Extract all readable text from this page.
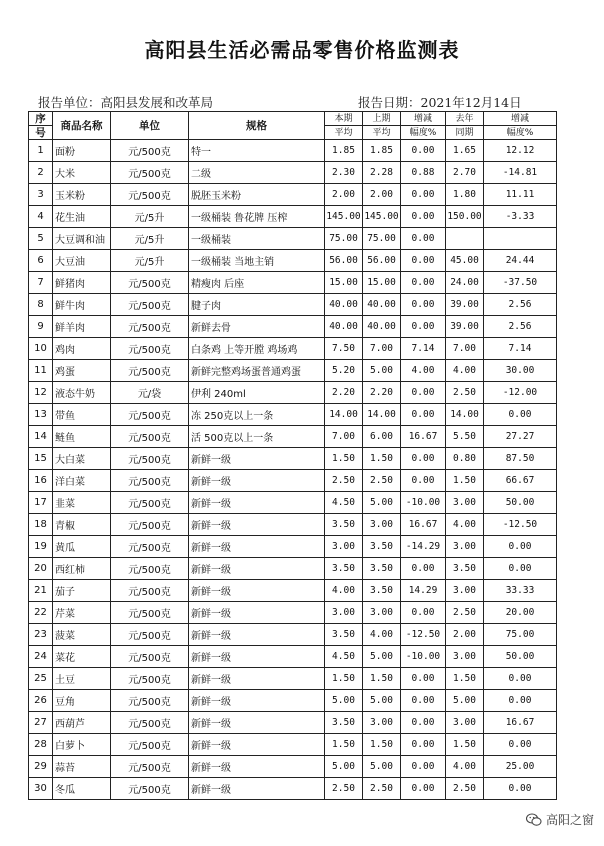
高阳县生活必需品零售价格监测表
报告单位：高阳县发展和改革局	报告日期：2021年12月14日
序	商品名称	单位	规格	本期	上期	增减	去年	增减
号				平均	平均	幅度%	同期	幅度%
1	面粉	元/500克	特一	1.85	1.85	0.00	1.65	12.12
2	大米	元/500克	二级	2.30	2.28	0.88	2.70	-14.81
3	玉米粉	元/500克	脱胚玉米粉	2.00	2.00	0.00	1.80	11.11
4	花生油	元/5升	一级桶装 鲁花牌 压榨	145.00	145.00	0.00	150.00	-3.33
5	大豆调和油	元/5升	一级桶装	75.00	75.00	0.00		
6	大豆油	元/5升	一级桶装 当地主销	56.00	56.00	0.00	45.00	24.44
7	鲜猪肉	元/500克	精瘦肉 后座	15.00	15.00	0.00	24.00	-37.50
8	鲜牛肉	元/500克	腱子肉	40.00	40.00	0.00	39.00	2.56
9	鲜羊肉	元/500克	新鲜去骨	40.00	40.00	0.00	39.00	2.56
10	鸡肉	元/500克	白条鸡 上等开膛 鸡场鸡	7.50	7.00	7.14	7.00	7.14
11	鸡蛋	元/500克	新鲜完整鸡场蛋普通鸡蛋	5.20	5.00	4.00	4.00	30.00
12	液态牛奶	元/袋	伊利 240ml	2.20	2.20	0.00	2.50	-12.00
13	带鱼	元/500克	冻 250克以上一条	14.00	14.00	0.00	14.00	0.00
14	鲢鱼	元/500克	活 500克以上一条	7.00	6.00	16.67	5.50	27.27
15	大白菜	元/500克	新鲜一级	1.50	1.50	0.00	0.80	87.50
16	洋白菜	元/500克	新鲜一级	2.50	2.50	0.00	1.50	66.67
17	韭菜	元/500克	新鲜一级	4.50	5.00	-10.00	3.00	50.00
18	青椒	元/500克	新鲜一级	3.50	3.00	16.67	4.00	-12.50
19	黄瓜	元/500克	新鲜一级	3.00	3.50	-14.29	3.00	0.00
20	西红柿	元/500克	新鲜一级	3.50	3.50	0.00	3.50	0.00
21	茄子	元/500克	新鲜一级	4.00	3.50	14.29	3.00	33.33
22	芹菜	元/500克	新鲜一级	3.00	3.00	0.00	2.50	20.00
23	菠菜	元/500克	新鲜一级	3.50	4.00	-12.50	2.00	75.00
24	菜花	元/500克	新鲜一级	4.50	5.00	-10.00	3.00	50.00
25	土豆	元/500克	新鲜一级	1.50	1.50	0.00	1.50	0.00
26	豆角	元/500克	新鲜一级	5.00	5.00	0.00	5.00	0.00
27	西葫芦	元/500克	新鲜一级	3.50	3.00	0.00	3.00	16.67
28	白萝卜	元/500克	新鲜一级	1.50	1.50	0.00	1.50	0.00
29	蒜苔	元/500克	新鲜一级	5.00	5.00	0.00	4.00	25.00
30	冬瓜	元/500克	新鲜一级	2.50	2.50	0.00	2.50	0.00
高阳之窗
